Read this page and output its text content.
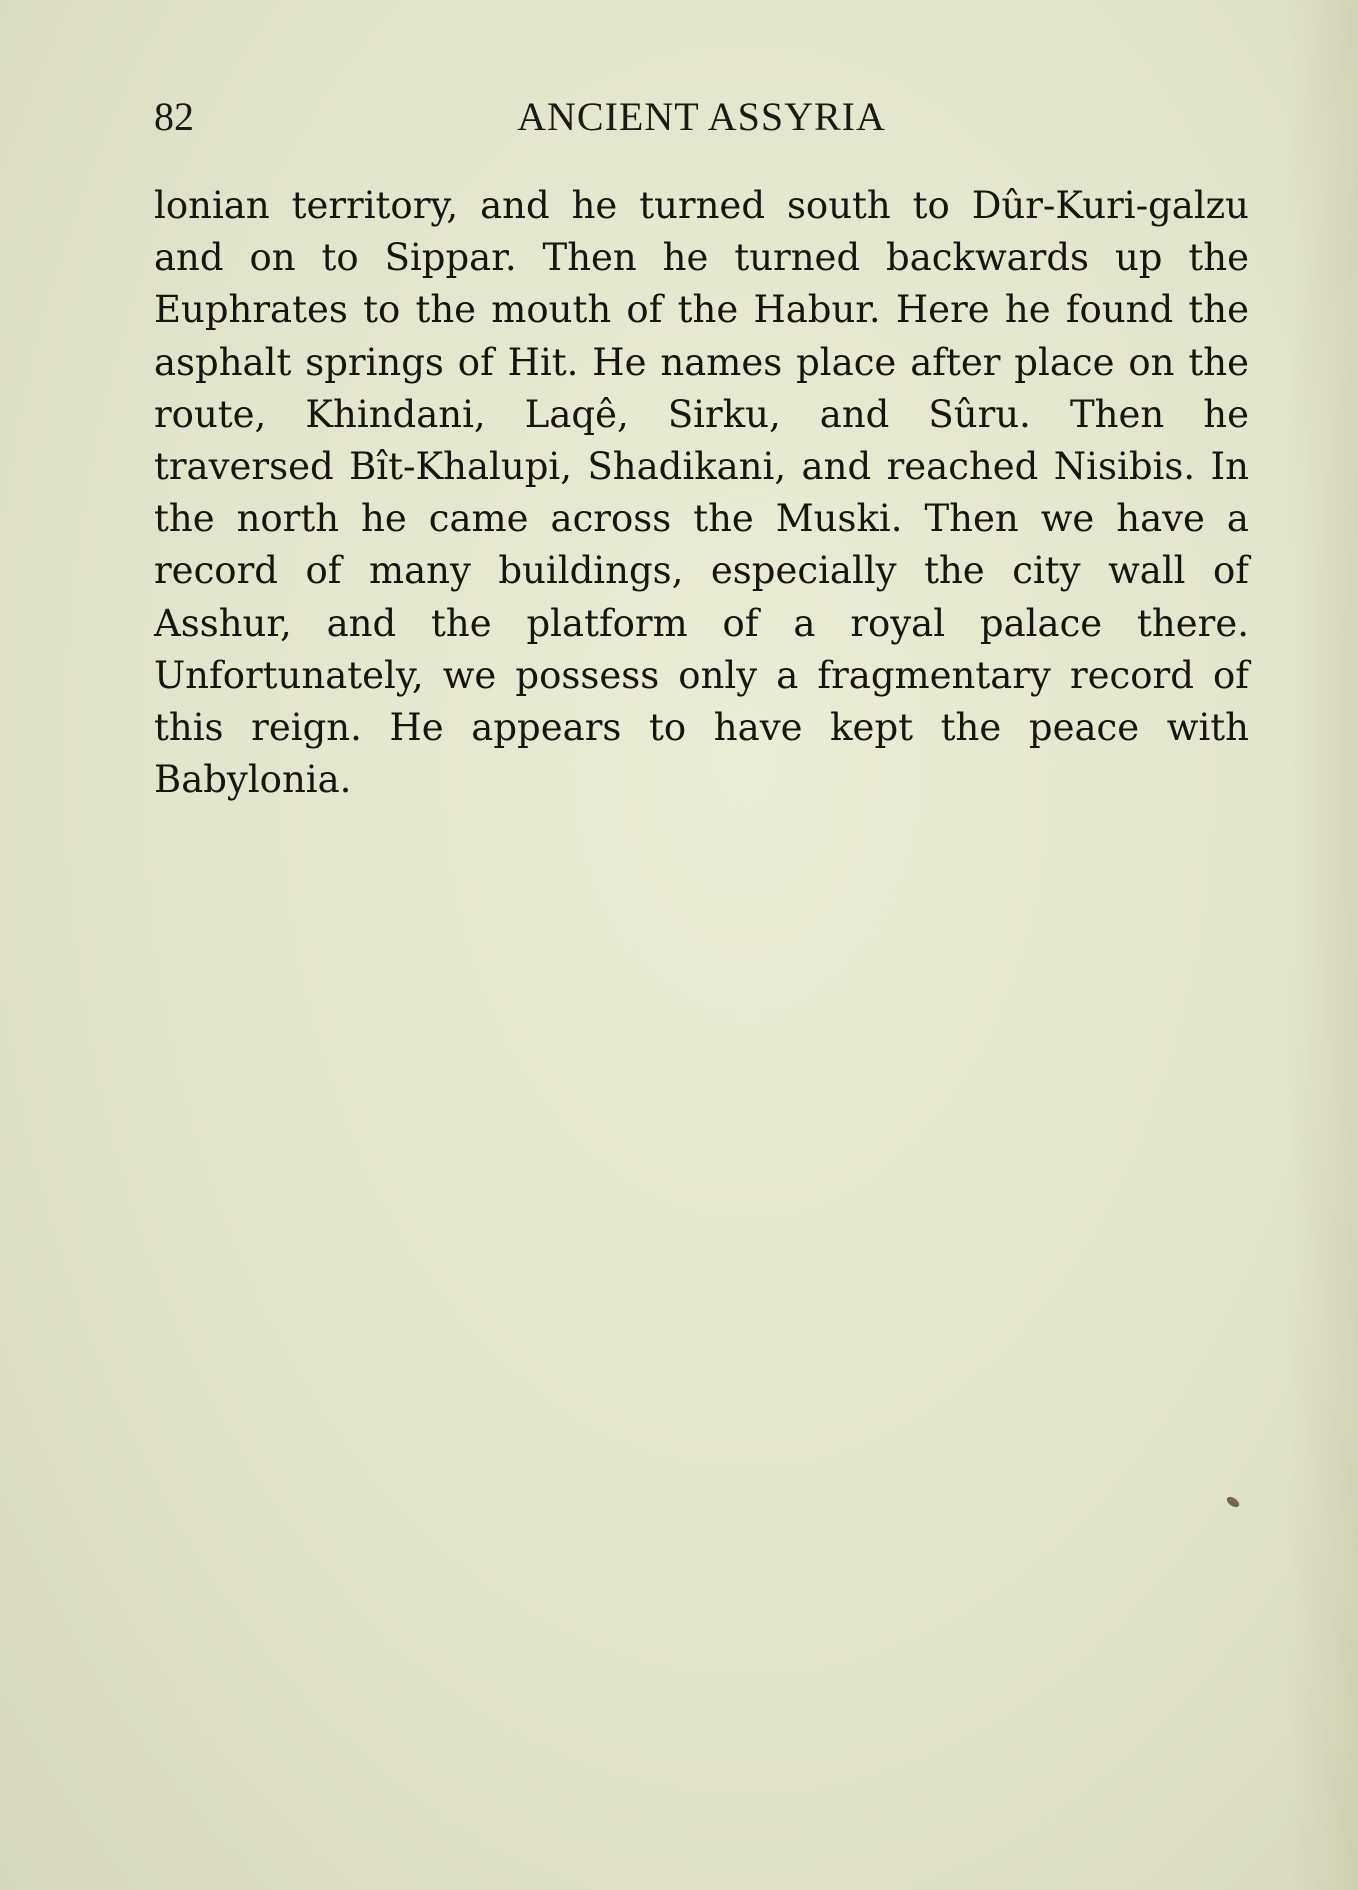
82	ANCIENT ASSYRIA

lonian territory, and he turned south to Dûr-Kuri-galzu and on to Sippar. Then he turned backwards up the Euphrates to the mouth of the Habur. Here he found the asphalt springs of Hit. He names place after place on the route, Khindani, Laqê, Sirku, and Sûru. Then he traversed Bît-Khalupi, Shadikani, and reached Nisibis. In the north he came across the Muski. Then we have a record of many buildings, especially the city wall of Asshur, and the platform of a royal palace there. Unfortunately, we possess only a fragmentary record of this reign. He appears to have kept the peace with Babylonia.
